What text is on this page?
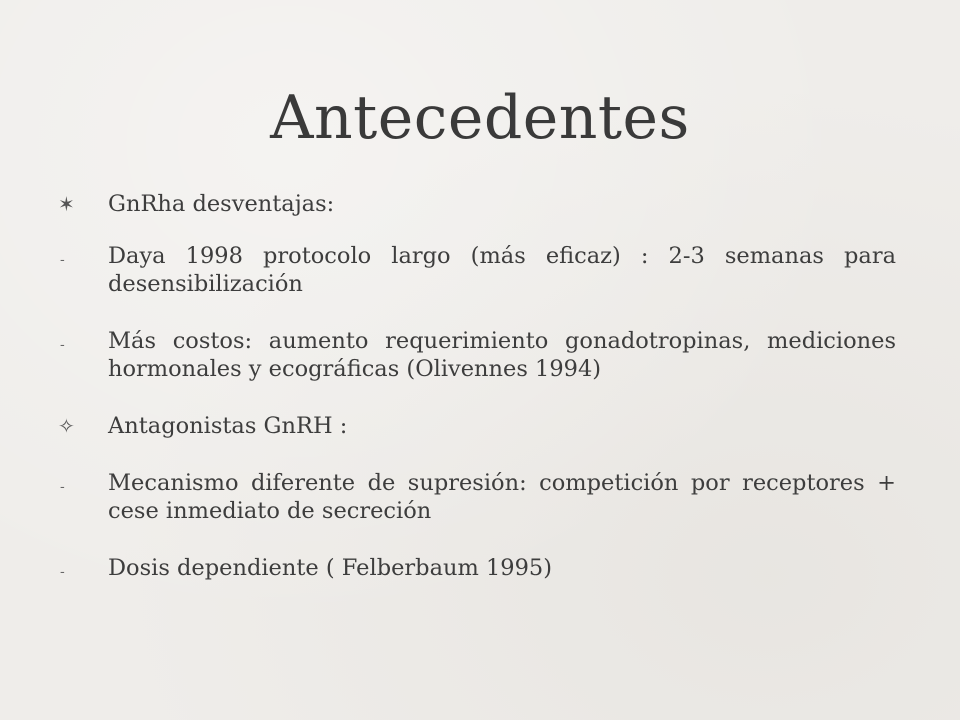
Antecedentes
✶	GnRha desventajas:
-	Daya 1998 protocolo largo (más eficaz) : 2-3 semanas para desensibilización
-	Más costos: aumento requerimiento gonadotropinas, mediciones hormonales y ecográficas (Olivennes 1994)
✧	Antagonistas GnRH :
-	Mecanismo diferente de supresión: competición por receptores + cese inmediato de secreción
-	Dosis dependiente ( Felberbaum 1995)
